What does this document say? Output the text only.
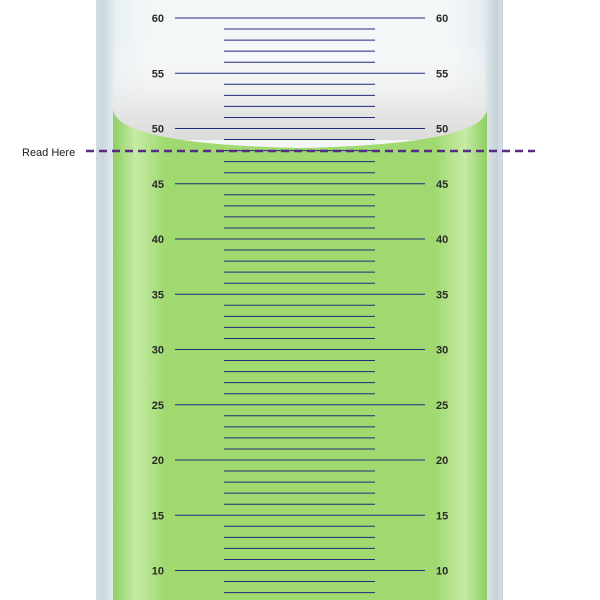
60	60
55	55
50	50
45	45
40	40
35	35
30	30
25	25
20	20
15	15
10	10
Read Here
